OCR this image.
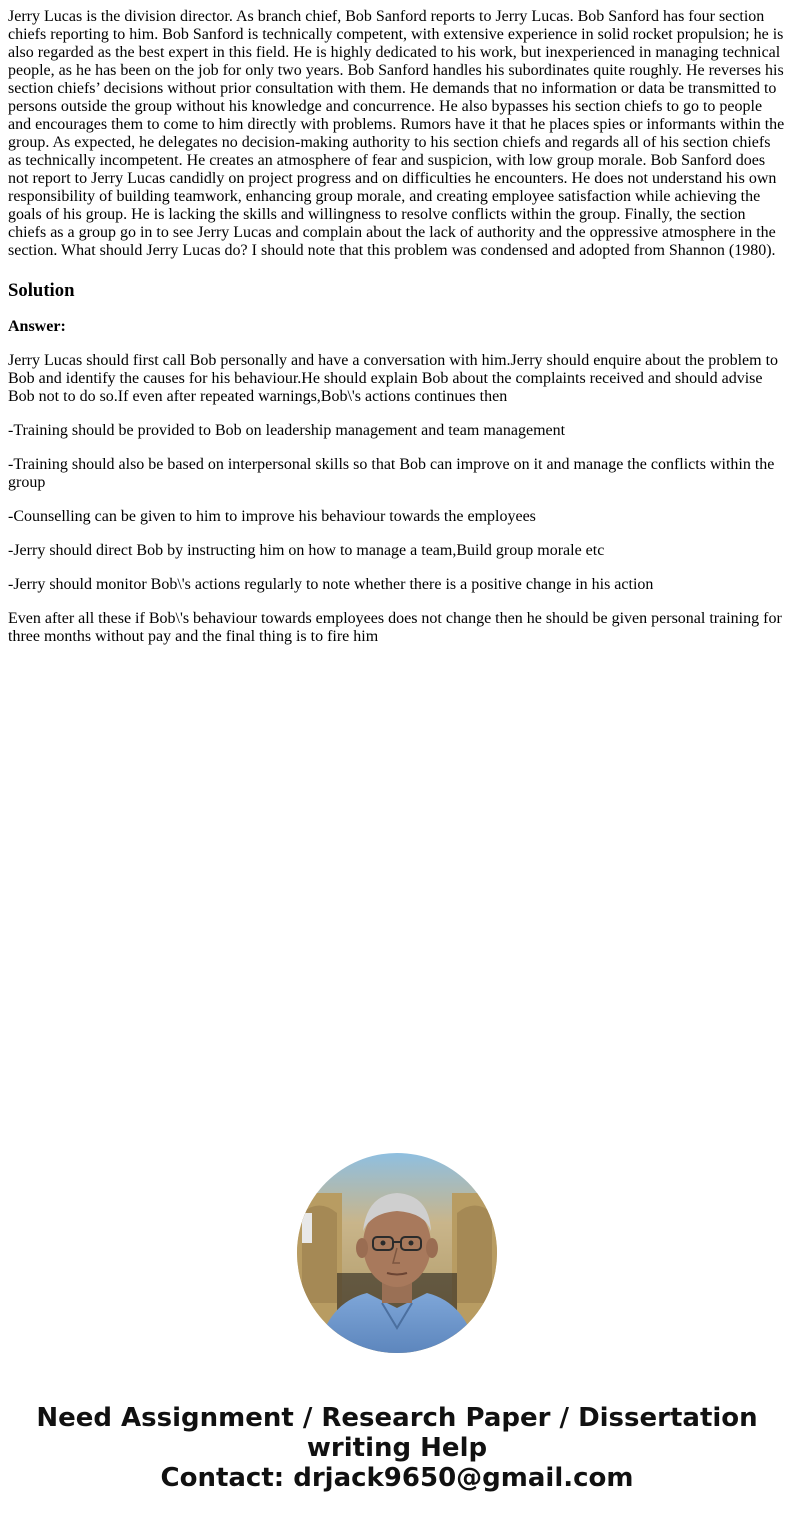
Jerry Lucas is the division director. As branch chief, Bob Sanford reports to Jerry Lucas. Bob Sanford has four section chiefs reporting to him. Bob Sanford is technically competent, with extensive experience in solid rocket propulsion; he is also regarded as the best expert in this field. He is highly dedicated to his work, but inexperienced in managing technical people, as he has been on the job for only two years. Bob Sanford handles his subordinates quite roughly. He reverses his section chiefs’ decisions without prior consultation with them. He demands that no information or data be transmitted to persons outside the group without his knowledge and concurrence. He also bypasses his section chiefs to go to people and encourages them to come to him directly with problems. Rumors have it that he places spies or informants within the group. As expected, he delegates no decision-making authority to his section chiefs and regards all of his section chiefs as technically incompetent. He creates an atmosphere of fear and suspicion, with low group morale. Bob Sanford does not report to Jerry Lucas candidly on project progress and on difficulties he encounters. He does not understand his own responsibility of building teamwork, enhancing group morale, and creating employee satisfaction while achieving the goals of his group. He is lacking the skills and willingness to resolve conflicts within the group. Finally, the section chiefs as a group go in to see Jerry Lucas and complain about the lack of authority and the oppressive atmosphere in the section. What should Jerry Lucas do? I should note that this problem was condensed and adopted from Shannon (1980).

Solution

Answer:

Jerry Lucas should first call Bob personally and have a conversation with him.Jerry should enquire about the problem to Bob and identify the causes for his behaviour.He should explain Bob about the complaints received and should advise Bob not to do so.If even after repeated warnings,Bob\'s actions continues then

-Training should be provided to Bob on leadership management and team management

-Training should also be based on interpersonal skills so that Bob can improve on it and manage the conflicts within the group

-Counselling can be given to him to improve his behaviour towards the employees

-Jerry should direct Bob by instructing him on how to manage a team,Build group morale etc

-Jerry should monitor Bob\'s actions regularly to note whether there is a positive change in his action

Even after all these if Bob\'s behaviour towards employees does not change then he should be given personal training for three months without pay and the final thing is to fire him

Need Assignment / Research Paper / Dissertation
writing Help
Contact: drjack9650@gmail.com
